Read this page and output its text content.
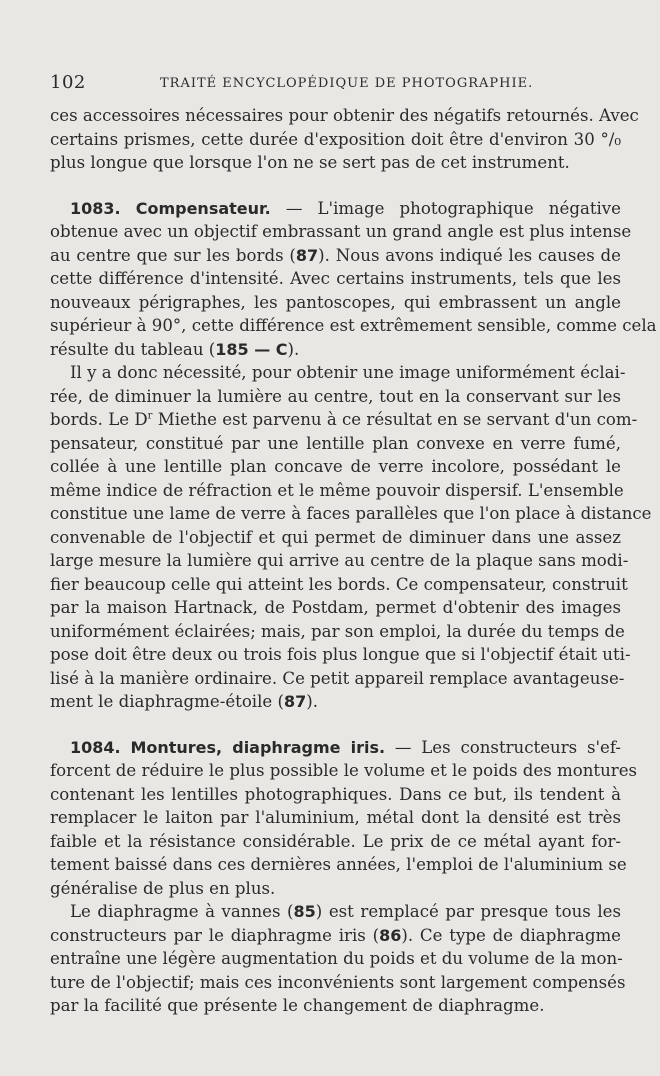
102	TRAITÉ ENCYCLOPÉDIQUE DE PHOTOGRAPHIE.
ces accessoires nécessaires pour obtenir des négatifs retournés. Avec
certains prismes, cette durée d'exposition doit être d'environ 30 °/₀
plus longue que lorsque l'on ne se sert pas de cet instrument.
1083. Compensateur. — L'image photographique négative
obtenue avec un objectif embrassant un grand angle est plus intense
au centre que sur les bords (87). Nous avons indiqué les causes de
cette différence d'intensité. Avec certains instruments, tels que les
nouveaux périgraphes, les pantoscopes, qui embrassent un angle
supérieur à 90°, cette différence est extrêmement sensible, comme cela
résulte du tableau (185 — C).
Il y a donc nécessité, pour obtenir une image uniformément éclai-
rée, de diminuer la lumière au centre, tout en la conservant sur les
bords. Le $D^r$ Miethe est parvenu à ce résultat en se servant d'un com-
pensateur, constitué par une lentille plan convexe en verre fumé,
collée à une lentille plan concave de verre incolore, possédant le
même indice de réfraction et le même pouvoir dispersif. L'ensemble
constitue une lame de verre à faces parallèles que l'on place à distance
convenable de l'objectif et qui permet de diminuer dans une assez
large mesure la lumière qui arrive au centre de la plaque sans modi-
fier beaucoup celle qui atteint les bords. Ce compensateur, construit
par la maison Hartnack, de Postdam, permet d'obtenir des images
uniformément éclairées; mais, par son emploi, la durée du temps de
pose doit être deux ou trois fois plus longue que si l'objectif était uti-
lisé à la manière ordinaire. Ce petit appareil remplace avantageuse-
ment le diaphragme-étoile (87).
1084. Montures, diaphragme iris. — Les constructeurs s'ef-
forcent de réduire le plus possible le volume et le poids des montures
contenant les lentilles photographiques. Dans ce but, ils tendent à
remplacer le laiton par l'aluminium, métal dont la densité est très
faible et la résistance considérable. Le prix de ce métal ayant for-
tement baissé dans ces dernières années, l'emploi de l'aluminium se
généralise de plus en plus.
Le diaphragme à vannes (85) est remplacé par presque tous les
constructeurs par le diaphragme iris (86). Ce type de diaphragme
entraîne une légère augmentation du poids et du volume de la mon-
ture de l'objectif; mais ces inconvénients sont largement compensés
par la facilité que présente le changement de diaphragme.
